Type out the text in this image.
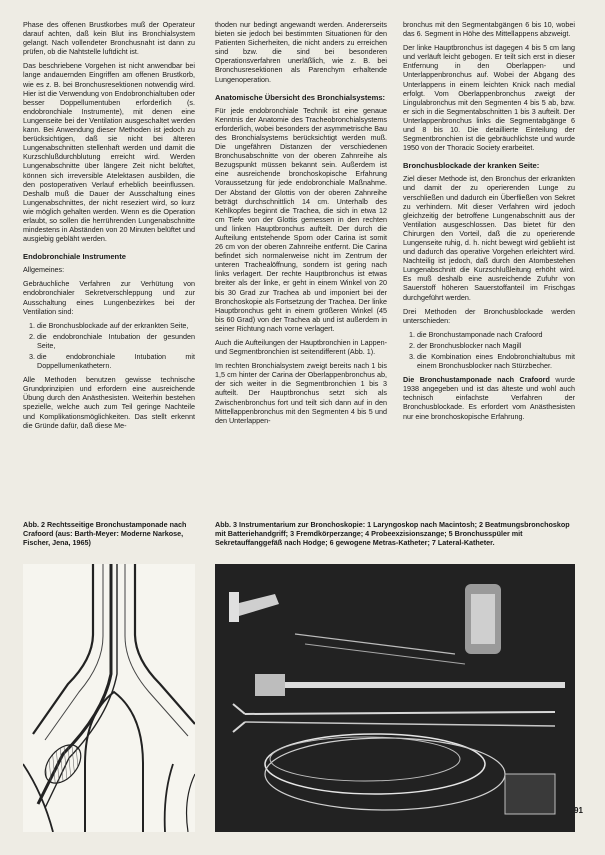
Phase des offenen Brustkorbes muß der Operateur darauf achten, daß kein Blut ins Bronchialsystem gelangt. Nach vollendeter Bronchusnaht ist dann zu prüfen, ob die Nahtstelle luftdicht ist.

Das beschriebene Vorgehen ist nicht anwendbar bei lange andauernden Eingriffen am offenen Brustkorb, wie es z. B. bei Bronchusresektionen notwendig wird. Hier ist die Verwendung von Endobronchialtuben oder besser Doppellumentuben erforderlich (s. endobronchiale Instrumente), mit denen eine Lungenseite bei der Ventilation ausgeschaltet werden kann. Bei Anwendung dieser Methoden ist jedoch zu berücksichtigen, daß sie nicht bei älteren Lungenabschnitten stellenhaft werden und damit die Kurzschlußdurchblutung erreicht wird. Werden Lungenabschnitte über längere Zeit nicht belüftet, können sich irreversible Atelektasen ausbilden, die den postoperativen Verlauf erheblich beeinflussen. Deshalb muß die Dauer der Ausschaltung eines Lungenabschnittes, der nicht reseziert wird, so kurz wie möglich gehalten werden. Wenn es die Operation erlaubt, so sollen die herrührenden Lungenabschnitte mindestens in Abständen von 20 Minuten belüftet und ausgiebig gebläht werden.

Endobronchiale Instrumente

Allgemeines:

Gebräuchliche Verfahren zur Verhütung von endobronchialer Sekretverschleppung und zur Ausschaltung eines Lungenbezirkes bei der Ventilation sind:

1. die Bronchusblockade auf der erkrankten Seite,
2. die endobronchiale Intubation der gesunden Seite,
3. die endobronchiale Intubation mit Doppellumenkathetern.

Alle Methoden benutzen gewisse technische Grundprinzipien und erfordern eine ausreichende Übung durch den Anästhesisten. Weiterhin bestehen spezielle, welche auch zum Teil geringe Nachteile und Komplikationsmöglichkeiten. Das stellt erkennt die Gründe dafür, daß diese Me-

thoden nur bedingt angewandt werden. Andererseits bieten sie jedoch bei bestimmten Situationen für den Patienten Sicherheiten, die nicht anders zu erreichen sind bzw. die sind bei besonderen Operationsverfahren unerläßlich, wie z. B. bei Bronchusresektionen als Parenchym erhaltende Lungenoperation.

Anatomische Übersicht des Bronchialsystems:

Für jede endobronchiale Technik ist eine genaue Kenntnis der Anatomie des Tracheobronchialsystems erforderlich, wobei besonders der asymmetrische Bau des Bronchialsystems berücksichtigt werden muß. Die ungefähren Distanzen der verschiedenen Bronchusabschnitte von der oberen Zahnreihe als Bezugspunkt müssen bekannt sein. Außerdem ist eine ausreichende bronchoskopische Erfahrung Voraussetzung für jede endobronchiale Maßnahme. Der Abstand der Glottis von der oberen Zahnreihe beträgt durchschnittlich 14 cm. Unterhalb des Kehlkopfes beginnt die Trachea, die sich in etwa 12 cm Tiefe von der Glottis gemessen in den rechten und linken Hauptbronchus aufteilt. Der durch die Aufteilung entstehende Sporn oder Carina ist somit 26 cm von der oberen Zahnreihe entfernt. Die Carina befindet sich normalerweise nicht im Zentrum der unteren Trachealöffnung, sondern ist gering nach links verlagert. Der rechte Hauptbronchus ist etwas breiter als der linke, er geht in einem Winkel von 20 bis 30 Grad zur Trachea ab und imponiert bei der Bronchoskopie als Fortsetzung der Trachea. Der linke Hauptbronchus geht in einem größeren Winkel (45 bis 60 Grad) von der Trachea ab und ist außerdem in seiner Richtung nach vorne verlagert.

Auch die Aufteilungen der Hauptbronchien in Lappen- und Segmentbronchien ist seitendifferent (Abb. 1).

Im rechten Bronchialsystem zweigt bereits nach 1 bis 1,5 cm hinter der Carina der Oberlappenbronchus ab, der sich weiter in die Segmentbronchien 1 bis 3 aufteilt. Der Hauptbronchus setzt sich als Zwischenbronchus fort und teilt sich dann auf in den Mittellappenbronchus mit den Segmenten 4 bis 5 und den Unterlappen-

bronchus mit den Segmentabgängen 6 bis 10, wobei das 6. Segment in Höhe des Mittellappens abzweigt.

Der linke Hauptbronchus ist dagegen 4 bis 5 cm lang und verläuft leicht gebogen. Er teilt sich erst in dieser Entfernung in den Oberlappen- und Unterlappenbronchus auf. Wobei der Abgang des Unterlappens in einem leichten Knick nach medial erfolgt. Vom Oberlappenbronchus zweigt der Lingulabronchus mit den Segmenten 4 bis 5 ab, bzw. er sich in die Segmentabschnitten 1 bis 3 aufteilt. Der Unterlappenbronchus links die Segmentabgänge 6 und 8 bis 10. Die detaillierte Einteilung der Segmentbronchien ist die gebräuchlichste und wurde 1950 von der Thoracic Society erarbeitet.

Bronchusblockade der kranken Seite:

Ziel dieser Methode ist, den Bronchus der erkrankten und damit der zu operierenden Lunge zu verschließen und dadurch ein Überfließen von Sekret zu verhindern. Mit dieser Verfahren wird jedoch gleichzeitig der betroffene Lungenabschnitt aus der Ventilation ausgeschlossen. Das bietet für den Chirurgen den Vorteil, daß die zu operierende Lungenseite ruhig, d. h. nicht bewegt wird geblieht ist und dadurch das operative Vorgehen erleichtert wird. Nachteilig ist jedoch, daß durch den Atombestehen Lungenabschnitt die Kurzschlußleitung erhöht wird. Es muß deshalb eine ausreichende Zufuhr von Sauerstoff höheren Sauerstoffanteil im Frischgas durchgeführt werden.

Drei Methoden der Bronchusblockade werden unterschieden:

1. die Bronchustamponade nach Crafoord
2. der Bronchusblocker nach Magill
3. die Kombination eines Endobronchialtubus mit einem Bronchusblocker nach Stürzbecher.

Die Bronchustamponade nach Crafoord wurde 1938 angegeben und ist das älteste und wohl auch technisch einfachste Verfahren der Bronchusblockade. Es erfordert vom Anästhesisten nur eine bronchoskopische Erfahrung.

Abb. 2 Rechtsseitige Bronchustamponade nach Crafoord (aus: Barth-Meyer: Moderne Narkose, Fischer, Jena, 1965)
Abb. 3 Instrumentarium zur Bronchoskopie: 1 Laryngoskop nach Macintosh; 2 Beatmungsbronchoskop mit Batteriehandgriff; 3 Fremdkörperzange; 4 Probeexzisionszange; 5 Bronchusspüler mit Sekretauffanggefäß nach Hodge; 6 gewogene Metras-Katheter; 7 Lateral-Katheter.
91
